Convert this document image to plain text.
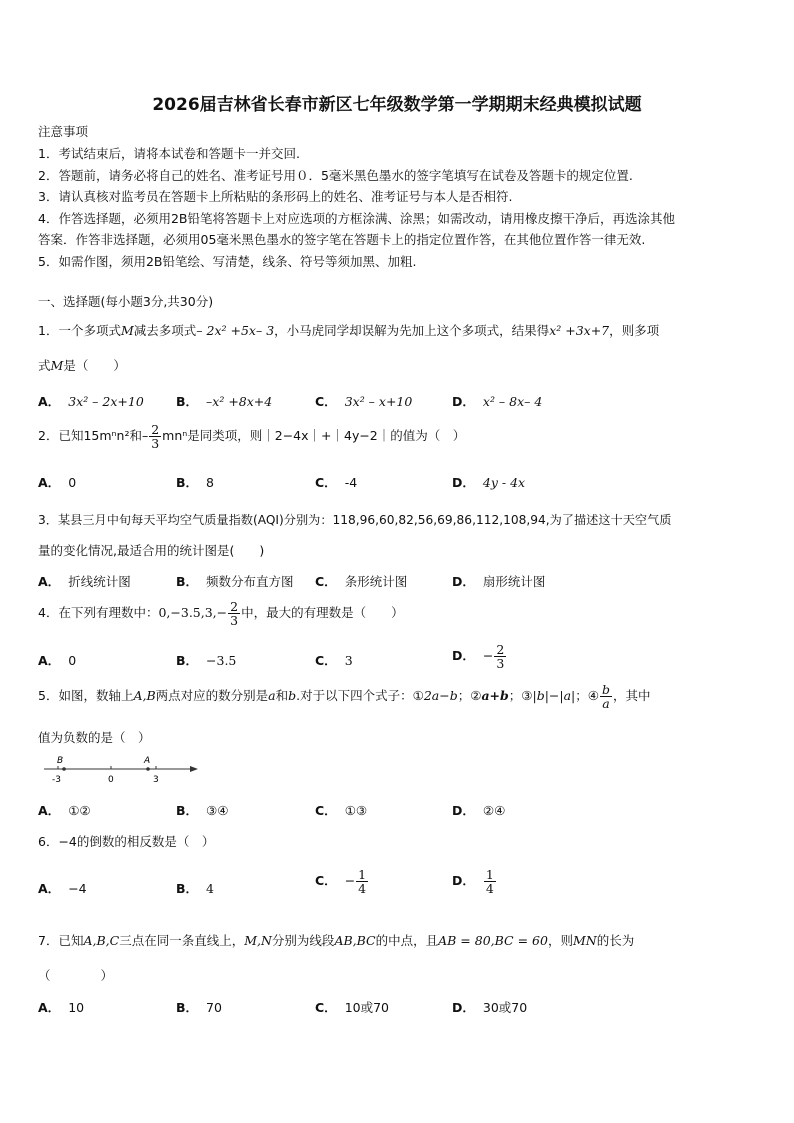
2026届吉林省长春市新区七年级数学第一学期期末经典模拟试题
注意事项
1．考试结束后，请将本试卷和答题卡一并交回.
2．答题前，请务必将自己的姓名、准考证号用０．5毫米黑色墨水的签字笔填写在试卷及答题卡的规定位置.
3．请认真核对监考员在答题卡上所粘贴的条形码上的姓名、准考证号与本人是否相符.
4．作答选择题，必须用2B铅笔将答题卡上对应选项的方框涂满、涂黑；如需改动，请用橡皮擦干净后，再选涂其他
答案．作答非选择题，必须用05毫米黑色墨水的签字笔在答题卡上的指定位置作答，在其他位置作答一律无效.
5．如需作图，须用2B铅笔绘、写清楚，线条、符号等须加黑、加粗.
一、选择题(每小题3分,共30分)
1．一个多项式M减去多项式– 2x² +5x– 3，小马虎同学却误解为先加上这个多项式，结果得x² +3x+7，则多项
式M是（　　）
A． 3x² – 2x+10	B． –x² +8x+4	C． 3x² – x+10	D． x² – 8x– 4
2．已知15mⁿn²和– $\frac{2}{3}$ mnⁿ是同类项，则｜2−4x｜+｜4y−2｜的值为（　）
A． 0	B． 8	C． -4	D． 4y - 4x
3．某县三月中旬每天平均空气质量指数(AQI)分别为：118,96,60,82,56,69,86,112,108,94,为了描述这十天空气质
量的变化情况,最适合用的统计图是(　　)
A． 折线统计图	B． 频数分布直方图 C． 条形统计图	D． 扇形统计图
4．在下列有理数中：$0,-3.5,3,- \frac{2}{3}$ 中，最大的有理数是（　　）
A． 0	B． −3.5	C． 3	D． − $\frac{2}{3}$
5．如图，数轴上A,B两点对应的数分别是a和b.对于以下四个式子：①2a−b；②a+b；③|b|−|a|；④ $\frac{b}{a}$ ，其中
值为负数的是（　）
B	A
-3	0	3
A． ①②	B． ③④	C． ①③	D． ②④
6．−4的倒数的相反数是（　）
A． −4	B． 4
C． − $\frac{1}{4}$	D． $\frac{1}{4}$
7．已知A,B,C三点在同一条直线上，M,N分别为线段AB,BC的中点，且AB = 80,BC = 60，则MN的长为
（　　　　）
A． 10	B． 70	C． 10或70	D． 30或70
